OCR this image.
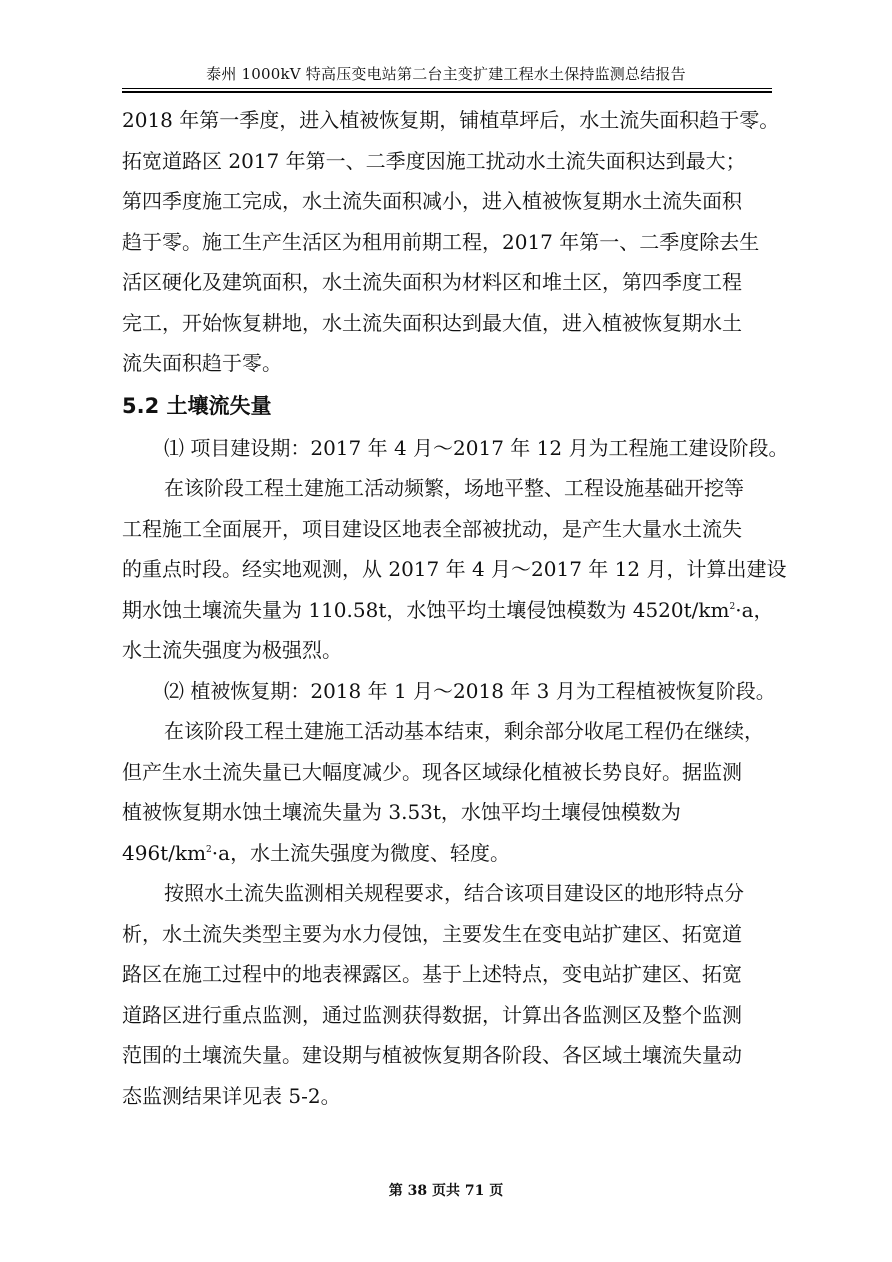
泰州 1000kV 特高压变电站第二台主变扩建工程水土保持监测总结报告
2018 年第一季度，进入植被恢复期，铺植草坪后，水土流失面积趋于零。
拓宽道路区 2017 年第一、二季度因施工扰动水土流失面积达到最大；
第四季度施工完成，水土流失面积减小，进入植被恢复期水土流失面积
趋于零。施工生产生活区为租用前期工程，2017 年第一、二季度除去生
活区硬化及建筑面积，水土流失面积为材料区和堆土区，第四季度工程
完工，开始恢复耕地，水土流失面积达到最大值，进入植被恢复期水土
流失面积趋于零。
5.2 土壤流失量
⑴ 项目建设期：2017 年 4 月～2017 年 12 月为工程施工建设阶段。
在该阶段工程土建施工活动频繁，场地平整、工程设施基础开挖等
工程施工全面展开，项目建设区地表全部被扰动，是产生大量水土流失
的重点时段。经实地观测，从 2017 年 4 月～2017 年 12 月，计算出建设
期水蚀土壤流失量为 110.58t，水蚀平均土壤侵蚀模数为 $4520t/km^2\cdot a$，
水土流失强度为极强烈。
⑵ 植被恢复期：2018 年 1 月～2018 年 3 月为工程植被恢复阶段。
在该阶段工程土建施工活动基本结束，剩余部分收尾工程仍在继续，
但产生水土流失量已大幅度减少。现各区域绿化植被长势良好。据监测
植被恢复期水蚀土壤流失量为 3.53t，水蚀平均土壤侵蚀模数为
$496t/km^2\cdot a$，水土流失强度为微度、轻度。
按照水土流失监测相关规程要求，结合该项目建设区的地形特点分
析，水土流失类型主要为水力侵蚀，主要发生在变电站扩建区、拓宽道
路区在施工过程中的地表裸露区。基于上述特点，变电站扩建区、拓宽
道路区进行重点监测，通过监测获得数据，计算出各监测区及整个监测
范围的土壤流失量。建设期与植被恢复期各阶段、各区域土壤流失量动
态监测结果详见表 5-2。
第 38 页共 71 页
